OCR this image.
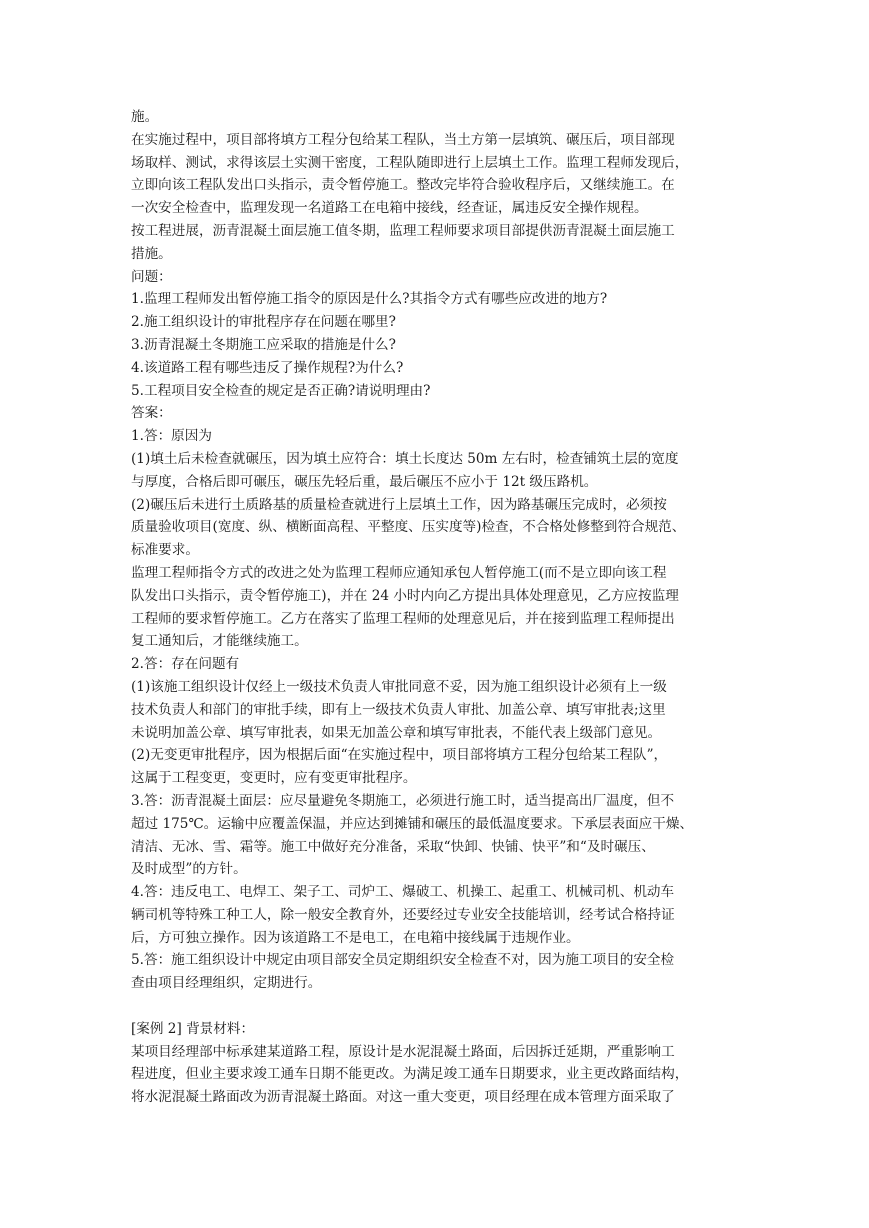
施。
在实施过程中，项目部将填方工程分包给某工程队，当土方第一层填筑、碾压后，项目部现
场取样、测试，求得该层土实测干密度，工程队随即进行上层填土工作。监理工程师发现后，
立即向该工程队发出口头指示，责令暂停施工。整改完毕符合验收程序后，又继续施工。在
一次安全检查中，监理发现一名道路工在电箱中接线，经查证，属违反安全操作规程。
按工程进展，沥青混凝土面层施工值冬期，监理工程师要求项目部提供沥青混凝土面层施工
措施。
问题：
1.监理工程师发出暂停施工指令的原因是什么?其指令方式有哪些应改进的地方?
2.施工组织设计的审批程序存在问题在哪里?
3.沥青混凝土冬期施工应采取的措施是什么?
4.该道路工程有哪些违反了操作规程?为什么?
5.工程项目安全检查的规定是否正确?请说明理由?
答案：
1.答：原因为
(1)填土后未检查就碾压，因为填土应符合：填土长度达 50m 左右时，检查铺筑土层的宽度
与厚度，合格后即可碾压，碾压先轻后重，最后碾压不应小于 12t 级压路机。
(2)碾压后未进行土质路基的质量检查就进行上层填土工作，因为路基碾压完成时，必须按
质量验收项目(宽度、纵、横断面高程、平整度、压实度等)检查，不合格处修整到符合规范、
标准要求。
监理工程师指令方式的改进之处为监理工程师应通知承包人暂停施工(而不是立即向该工程
队发出口头指示，责令暂停施工)，并在 24 小时内向乙方提出具体处理意见，乙方应按监理
工程师的要求暂停施工。乙方在落实了监理工程师的处理意见后，并在接到监理工程师提出
复工通知后，才能继续施工。
2.答：存在问题有
(1)该施工组织设计仅经上一级技术负责人审批同意不妥，因为施工组织设计必须有上一级
技术负责人和部门的审批手续，即有上一级技术负责人审批、加盖公章、填写审批表;这里
未说明加盖公章、填写审批表，如果无加盖公章和填写审批表，不能代表上级部门意见。
(2)无变更审批程序，因为根据后面“在实施过程中，项目部将填方工程分包给某工程队”，
这属于工程变更，变更时，应有变更审批程序。
3.答：沥青混凝土面层：应尽量避免冬期施工，必须进行施工时，适当提高出厂温度，但不
超过 175℃。运输中应覆盖保温，并应达到摊铺和碾压的最低温度要求。下承层表面应干燥、
清洁、无冰、雪、霜等。施工中做好充分准备，采取“快卸、快铺、快平”和“及时碾压、
及时成型”的方针。
4.答：违反电工、电焊工、架子工、司炉工、爆破工、机操工、起重工、机械司机、机动车
辆司机等特殊工种工人，除一般安全教育外，还要经过专业安全技能培训，经考试合格持证
后，方可独立操作。因为该道路工不是电工，在电箱中接线属于违规作业。
5.答：施工组织设计中规定由项目部安全员定期组织安全检查不对，因为施工项目的安全检
查由项目经理组织，定期进行。
[案例 2] 背景材料：
某项目经理部中标承建某道路工程，原设计是水泥混凝土路面，后因拆迁延期，严重影响工
程进度，但业主要求竣工通车日期不能更改。为满足竣工通车日期要求，业主更改路面结构，
将水泥混凝土路面改为沥青混凝土路面。对这一重大变更，项目经理在成本管理方面采取了
